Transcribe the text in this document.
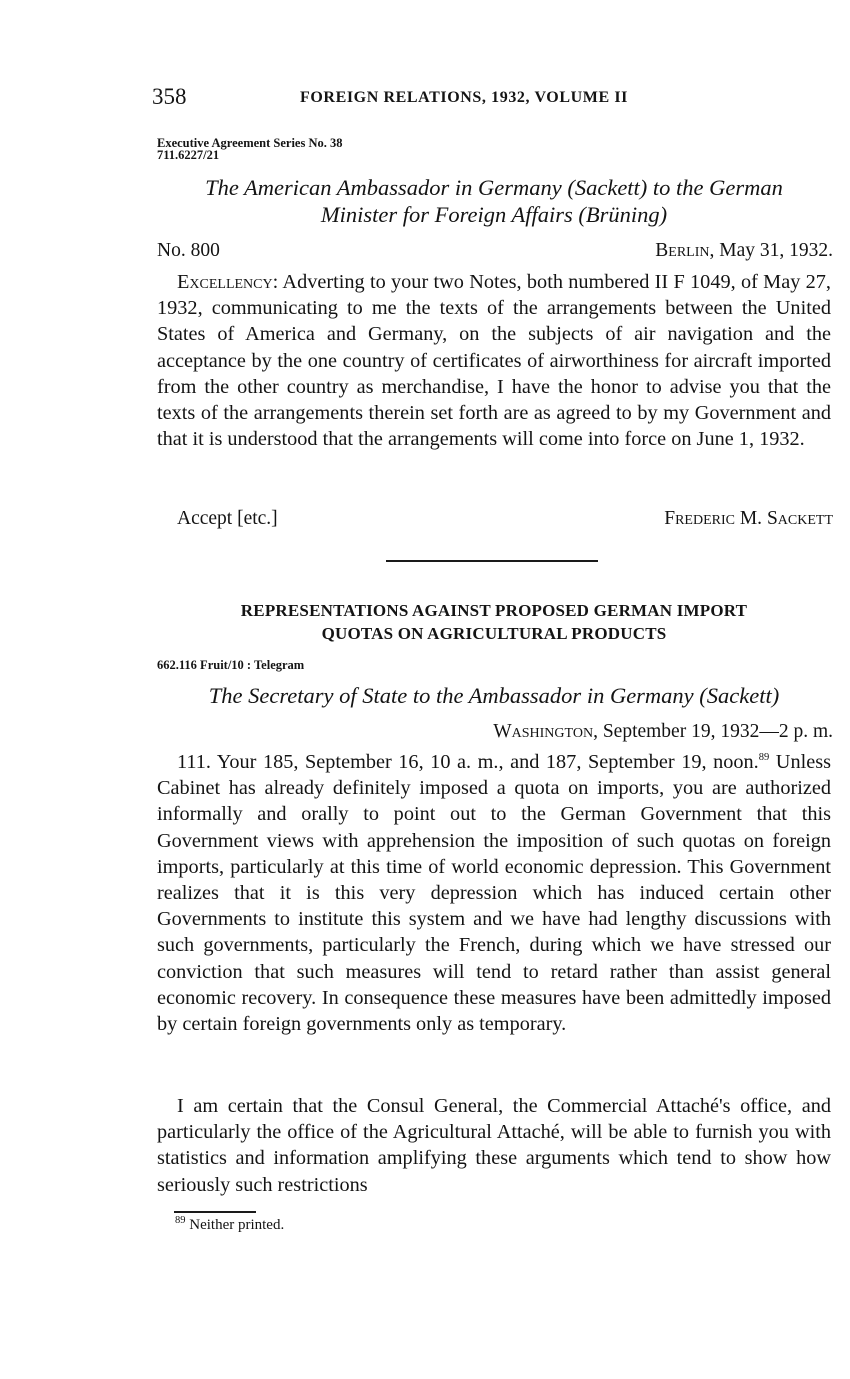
358	FOREIGN RELATIONS, 1932, VOLUME II
Executive Agreement Series No. 38
711.6227/21
The American Ambassador in Germany (Sackett) to the German
Minister for Foreign Affairs (Brüning)
No. 800	Berlin, May 31, 1932.

Excellency: Adverting to your two Notes, both numbered II F 1049, of May 27, 1932, communicating to me the texts of the arrangements between the United States of America and Germany, on the subjects of air navigation and the acceptance by the one country of certificates of airworthiness for aircraft imported from the other country as merchandise, I have the honor to advise you that the texts of the arrangements therein set forth are as agreed to by my Government and that it is understood that the arrangements will come into force on June 1, 1932.

Accept [etc.]	Frederic M. Sackett
REPRESENTATIONS AGAINST PROPOSED GERMAN IMPORT
QUOTAS ON AGRICULTURAL PRODUCTS
662.116 Fruit/10 : Telegram
The Secretary of State to the Ambassador in Germany (Sackett)
Washington, September 19, 1932—2 p. m.

111. Your 185, September 16, 10 a. m., and 187, September 19, noon.$^{89}$ Unless Cabinet has already definitely imposed a quota on imports, you are authorized informally and orally to point out to the German Government that this Government views with apprehension the imposition of such quotas on foreign imports, particularly at this time of world economic depression. This Government realizes that it is this very depression which has induced certain other Governments to institute this system and we have had lengthy discussions with such governments, particularly the French, during which we have stressed our conviction that such measures will tend to retard rather than assist general economic recovery. In consequence these measures have been admittedly imposed by certain foreign governments only as temporary.

I am certain that the Consul General, the Commercial Attaché's office, and particularly the office of the Agricultural Attaché, will be able to furnish you with statistics and information amplifying these arguments which tend to show how seriously such restrictions

$^{89}$ Neither printed.
